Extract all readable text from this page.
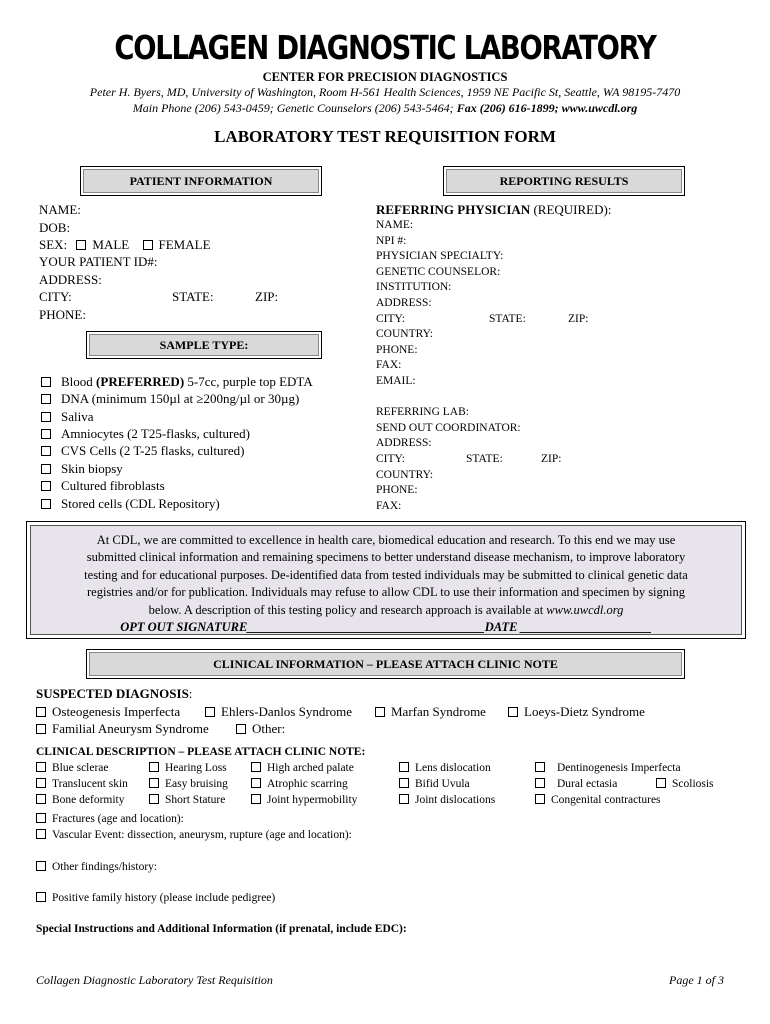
COLLAGEN DIAGNOSTIC LABORATORY
CENTER FOR PRECISION DIAGNOSTICS
Peter H. Byers, MD, University of Washington, Room H-561 Health Sciences, 1959 NE Pacific St, Seattle, WA 98195-7470
Main Phone (206) 543-0459; Genetic Counselors (206) 543-5464; Fax (206) 616-1899; www.uwcdl.org
LABORATORY TEST REQUISITION FORM
PATIENT INFORMATION
NAME:
DOB:
SEX: MALE FEMALE
YOUR PATIENT ID#:
ADDRESS:
CITY:	STATE:	ZIP:
PHONE:
SAMPLE TYPE:
Blood (PREFERRED) 5-7cc, purple top EDTA
DNA (minimum 150µl at ≥200ng/µl or 30µg)
Saliva
Amniocytes (2 T25-flasks, cultured)
CVS Cells (2 T-25 flasks, cultured)
Skin biopsy
Cultured fibroblasts
Stored cells (CDL Repository)
REPORTING RESULTS
REFERRING PHYSICIAN (REQUIRED):
NAME:
NPI #:
PHYSICIAN SPECIALTY:
GENETIC COUNSELOR:
INSTITUTION:
ADDRESS:
CITY:	STATE:	ZIP:
COUNTRY:
PHONE:
FAX:
EMAIL:
REFERRING LAB:
SEND OUT COORDINATOR:
ADDRESS:
CITY:	STATE:	ZIP:
COUNTRY:
PHONE:
FAX:
At CDL, we are committed to excellence in health care, biomedical education and research. To this end we may use
submitted clinical information and remaining specimens to better understand disease mechanism, to improve laboratory
testing and for educational purposes. De-identified data from tested individuals may be submitted to clinical genetic data
registries and/or for publication. Individuals may refuse to allow CDL to use their information and specimen by signing
below. A description of this testing policy and research approach is available at www.uwcdl.org
OPT OUT SIGNATURE______________________________________DATE _____________________
CLINICAL INFORMATION – PLEASE ATTACH CLINIC NOTE
SUSPECTED DIAGNOSIS:
Osteogenesis Imperfecta	Ehlers-Danlos Syndrome	Marfan Syndrome	Loeys-Dietz Syndrome
Familial Aneurysm Syndrome	Other:
CLINICAL DESCRIPTION – PLEASE ATTACH CLINIC NOTE:
Blue sclerae	Hearing Loss	High arched palate	Lens dislocation	Dentinogenesis Imperfecta
Translucent skin	Easy bruising	Atrophic scarring	Bifid Uvula	Dural ectasia	Scoliosis
Bone deformity	Short Stature	Joint hypermobility	Joint dislocations	Congenital contractures
Fractures (age and location):
Vascular Event: dissection, aneurysm, rupture (age and location):
Other findings/history:
Positive family history (please include pedigree)
Special Instructions and Additional Information (if prenatal, include EDC):
Collagen Diagnostic Laboratory Test Requisition	Page 1 of 3
